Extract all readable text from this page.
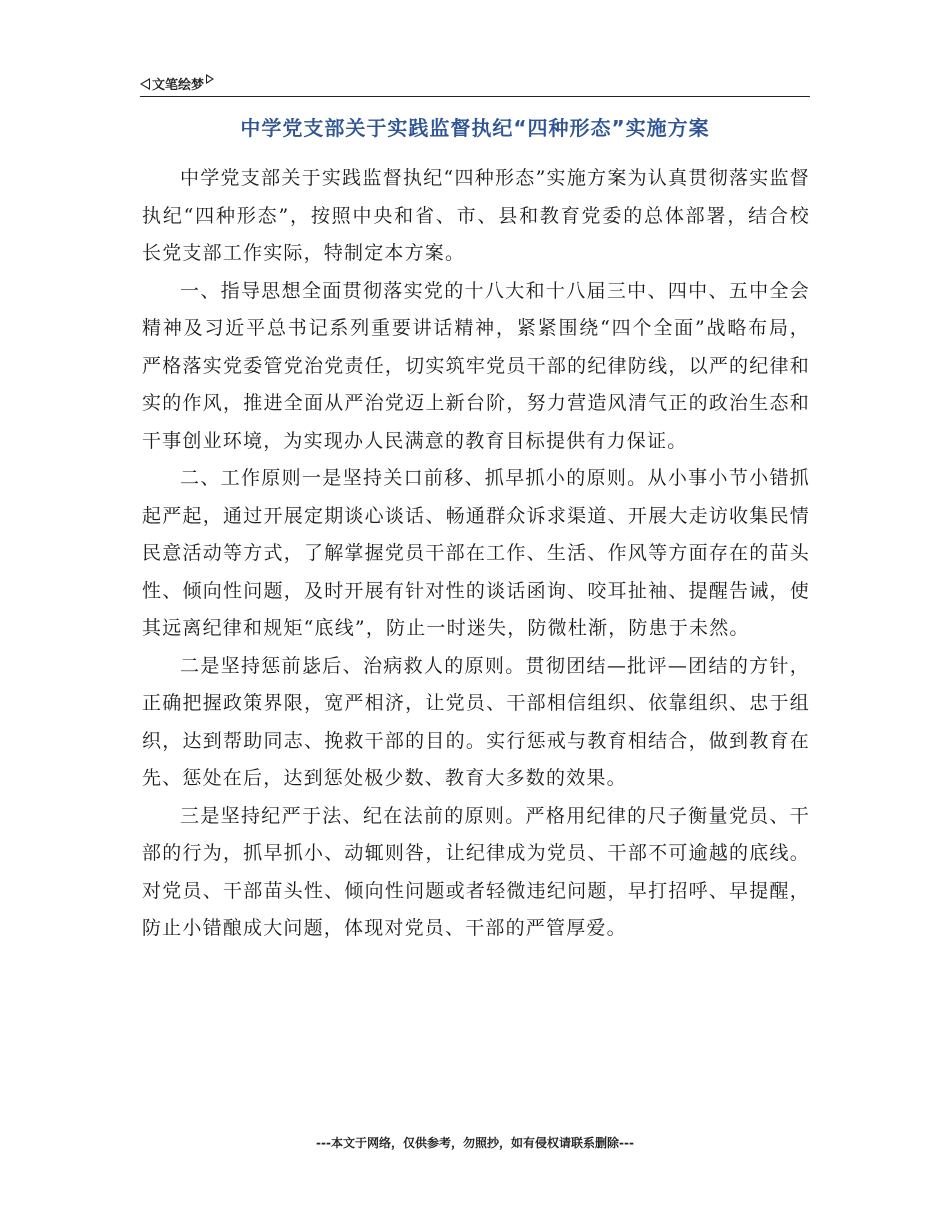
文笔绘梦
中学党支部关于实践监督执纪“四种形态”实施方案

中学党支部关于实践监督执纪“四种形态”实施方案为认真贯彻落实监督执纪“四种形态”，按照中央和省、市、县和教育党委的总体部署，结合校长党支部工作实际，特制定本方案。

一、指导思想全面贯彻落实党的十八大和十八届三中、四中、五中全会精神及习近平总书记系列重要讲话精神，紧紧围绕“四个全面”战略布局，严格落实党委管党治党责任，切实筑牢党员干部的纪律防线，以严的纪律和实的作风，推进全面从严治党迈上新台阶，努力营造风清气正的政治生态和干事创业环境，为实现办人民满意的教育目标提供有力保证。

二、工作原则一是坚持关口前移、抓早抓小的原则。从小事小节小错抓起严起，通过开展定期谈心谈话、畅通群众诉求渠道、开展大走访收集民情民意活动等方式，了解掌握党员干部在工作、生活、作风等方面存在的苗头性、倾向性问题，及时开展有针对性的谈话函询、咬耳扯袖、提醒告诫，使其远离纪律和规矩“底线”，防止一时迷失，防微杜渐，防患于未然。

二是坚持惩前毖后、治病救人的原则。贯彻团结—批评—团结的方针，正确把握政策界限，宽严相济，让党员、干部相信组织、依靠组织、忠于组织，达到帮助同志、挽救干部的目的。实行惩戒与教育相结合，做到教育在先、惩处在后，达到惩处极少数、教育大多数的效果。

三是坚持纪严于法、纪在法前的原则。严格用纪律的尺子衡量党员、干部的行为，抓早抓小、动辄则咎，让纪律成为党员、干部不可逾越的底线。对党员、干部苗头性、倾向性问题或者轻微违纪问题，早打招呼、早提醒，防止小错酿成大问题，体现对党员、干部的严管厚爱。

---本文于网络，仅供参考，勿照抄，如有侵权请联系删除---
